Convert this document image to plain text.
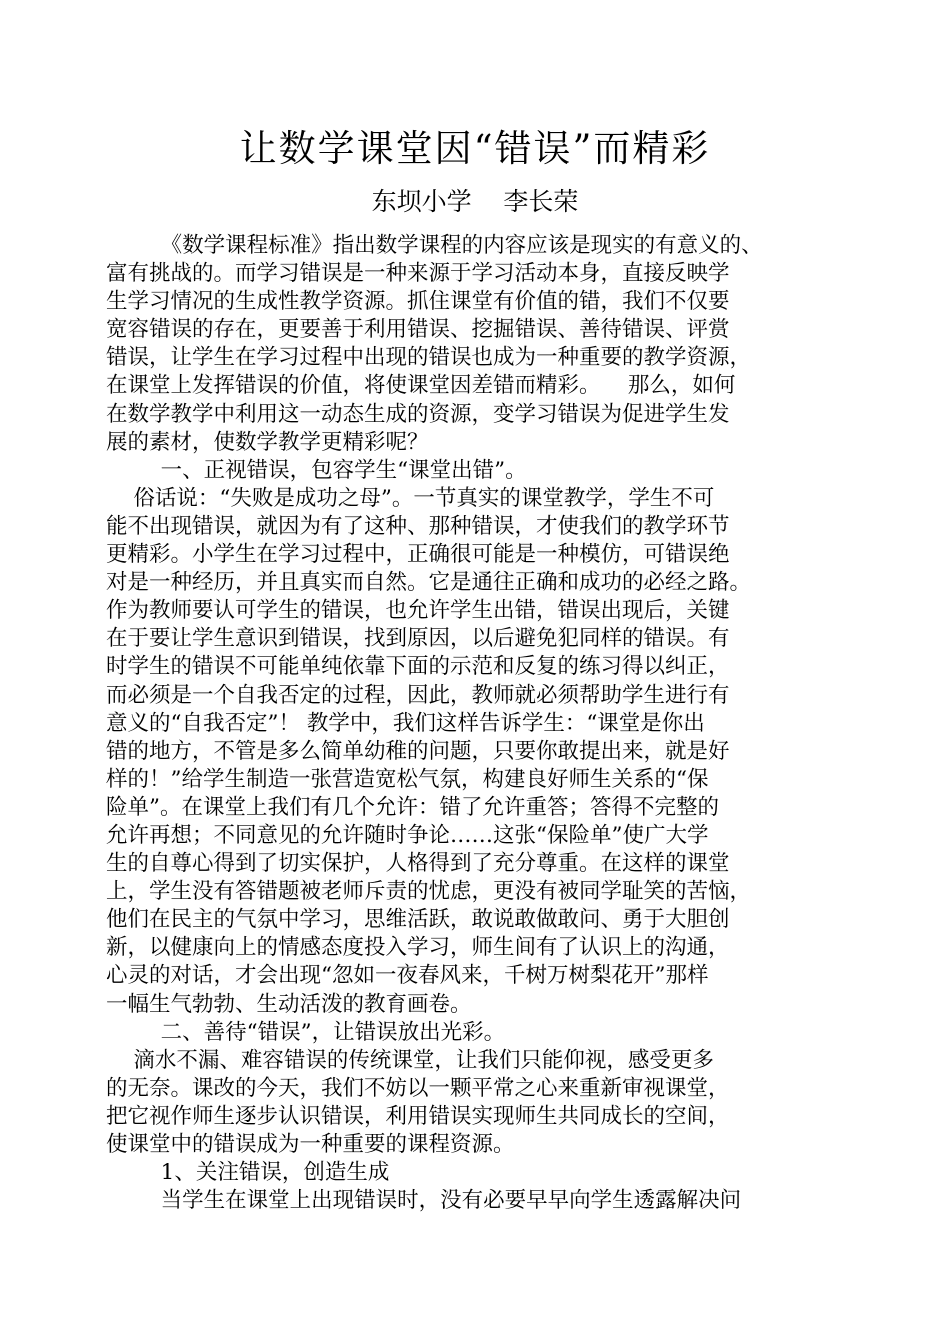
让数学课堂因“错误”而精彩
东坝小学    李长荣
《数学课程标准》指出数学课程的内容应该是现实的有意义的、
富有挑战的。而学习错误是一种来源于学习活动本身，直接反映学
生学习情况的生成性教学资源。抓住课堂有价值的错，我们不仅要
宽容错误的存在，更要善于利用错误、挖掘错误、善待错误、评赏
错误，让学生在学习过程中出现的错误也成为一种重要的教学资源，
在课堂上发挥错误的价值，将使课堂因差错而精彩。    那么，如何
在数学教学中利用这一动态生成的资源，变学习错误为促进学生发
展的素材，使数学教学更精彩呢？
一、正视错误，包容学生“课堂出错”。
俗话说：“失败是成功之母”。一节真实的课堂教学，学生不可
能不出现错误，就因为有了这种、那种错误，才使我们的教学环节
更精彩。小学生在学习过程中，正确很可能是一种模仿，可错误绝
对是一种经历，并且真实而自然。它是通往正确和成功的必经之路。
作为教师要认可学生的错误，也允许学生出错，错误出现后，关键
在于要让学生意识到错误，找到原因，以后避免犯同样的错误。有
时学生的错误不可能单纯依靠下面的示范和反复的练习得以纠正，
而必须是一个自我否定的过程，因此，教师就必须帮助学生进行有
意义的“自我否定”！ 教学中，我们这样告诉学生：“课堂是你出
错的地方，不管是多么简单幼稚的问题，只要你敢提出来，就是好
样的！”给学生制造一张营造宽松气氛，构建良好师生关系的“保
险单”。在课堂上我们有几个允许：错了允许重答；答得不完整的
允许再想；不同意见的允许随时争论……这张“保险单”使广大学
生的自尊心得到了切实保护，人格得到了充分尊重。在这样的课堂
上，学生没有答错题被老师斥责的忧虑，更没有被同学耻笑的苦恼，
他们在民主的气氛中学习，思维活跃，敢说敢做敢问、勇于大胆创
新，以健康向上的情感态度投入学习，师生间有了认识上的沟通，
心灵的对话，才会出现“忽如一夜春风来，千树万树梨花开”那样
一幅生气勃勃、生动活泼的教育画卷。
二、善待“错误”，让错误放出光彩。
滴水不漏、难容错误的传统课堂，让我们只能仰视，感受更多
的无奈。课改的今天，我们不妨以一颗平常之心来重新审视课堂，
把它视作师生逐步认识错误，利用错误实现师生共同成长的空间，
使课堂中的错误成为一种重要的课程资源。
1、关注错误，创造生成
当学生在课堂上出现错误时，没有必要早早向学生透露解决问
